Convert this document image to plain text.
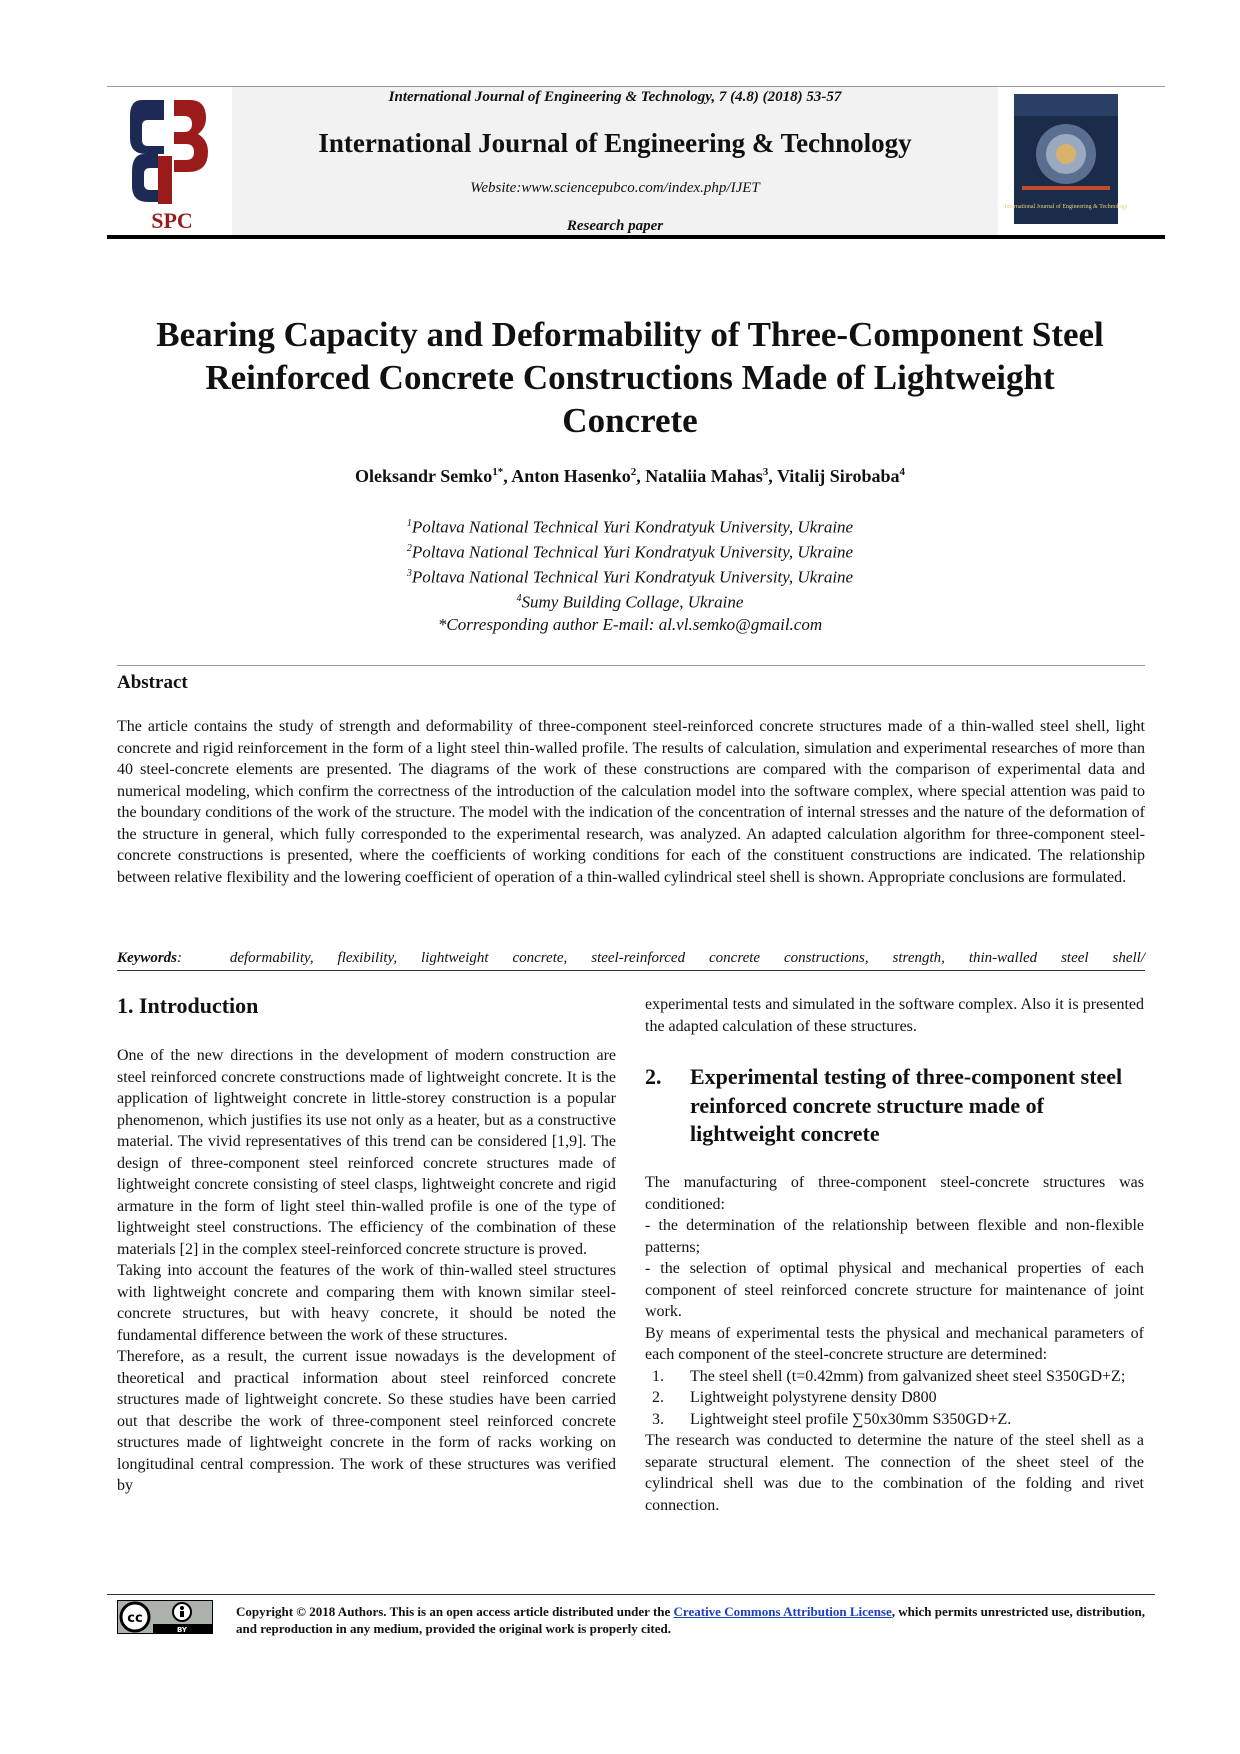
SPC
International Journal of Engineering & Technology
International Journal of Engineering & Technology, 7 (4.8) (2018) 53-57
International Journal of Engineering & Technology
Website:www.sciencepubco.com/index.php/IJET
Research paper
Bearing Capacity and Deformability of Three-Component Steel
Reinforced Concrete Constructions Made of Lightweight
Concrete
Oleksandr Semko$^{1*}$, Anton Hasenko$^2$, Nataliia Mahas$^3$, Vitalij Sirobaba$^4$
$^1$Poltava National Technical Yuri Kondratyuk University, Ukraine
$^2$Poltava National Technical Yuri Kondratyuk University, Ukraine
$^3$Poltava National Technical Yuri Kondratyuk University, Ukraine
$^4$Sumy Building Collage, Ukraine
*Corresponding author E-mail: al.vl.semko@gmail.com
Abstract
The article contains the study of strength and deformability of three-component steel-reinforced concrete structures made of a thin-walled steel shell, light concrete and rigid reinforcement in the form of a light steel thin-walled profile. The results of calculation, simulation and experimental researches of more than 40 steel-concrete elements are presented. The diagrams of the work of these constructions are compared with the comparison of experimental data and numerical modeling, which confirm the correctness of the introduction of the calculation model into the software complex, where special attention was paid to the boundary conditions of the work of the structure. The model with the indication of the concentration of internal stresses and the nature of the deformation of the structure in general, which fully corresponded to the experimental research, was analyzed. An adapted calculation algorithm for three-component steel-concrete constructions is presented, where the coefficients of working conditions for each of the constituent constructions are indicated. The relationship between relative flexibility and the lowering coefficient of operation of a thin-walled cylindrical steel shell is shown. Appropriate conclusions are formulated.
Keywords:  deformability, flexibility, lightweight concrete, steel-reinforced concrete constructions, strength, thin-walled steel shell/
1. Introduction

One of the new directions in the development of modern construction are steel reinforced concrete constructions made of lightweight concrete. It is the application of lightweight concrete in little-storey construction is a popular phenomenon, which justifies its use not only as a heater, but as a constructive material. The vivid representatives of this trend can be considered [1,9]. The design of three-component steel reinforced concrete structures made of lightweight concrete consisting of steel clasps, lightweight concrete and rigid armature in the form of light steel thin-walled profile is one of the type of lightweight steel constructions. The efficiency of the combination of these materials [2] in the complex steel-reinforced concrete structure is proved.

Taking into account the features of the work of thin-walled steel structures with lightweight concrete and comparing them with known similar steel-concrete structures, but with heavy concrete, it should be noted the fundamental difference between the work of these structures.

Therefore, as a result, the current issue nowadays is the development of theoretical and practical information about steel reinforced concrete structures made of lightweight concrete. So these studies have been carried out that describe the work of three-component steel reinforced concrete structures made of lightweight concrete in the form of racks working on longitudinal central compression. The work of these structures was verified by

experimental tests and simulated in the software complex. Also it is presented the adapted calculation of these structures.
2. Experimental testing of three-component steel reinforced concrete structure made of lightweight concrete

The manufacturing of three-component steel-concrete structures was conditioned:

- the determination of the relationship between flexible and non-flexible patterns;

- the selection of optimal physical and mechanical properties of each component of steel reinforced concrete structure for maintenance of joint work.

By means of experimental tests the physical and mechanical parameters of each component of the steel-concrete structure are determined:

1. The steel shell (t=0.42mm) from galvanized sheet steel S350GD+Z;
2. Lightweight polystyrene density D800
3. Lightweight steel profile ∑50x30mm S350GD+Z.

The research was conducted to determine the nature of the steel shell as a separate structural element. The connection of the sheet steel of the cylindrical shell was due to the combination of the folding and rivet connection.

cc
BY
Copyright © 2018 Authors. This is an open access article distributed under the Creative Commons Attribution License, which permits unrestricted use, distribution, and reproduction in any medium, provided the original work is properly cited.
